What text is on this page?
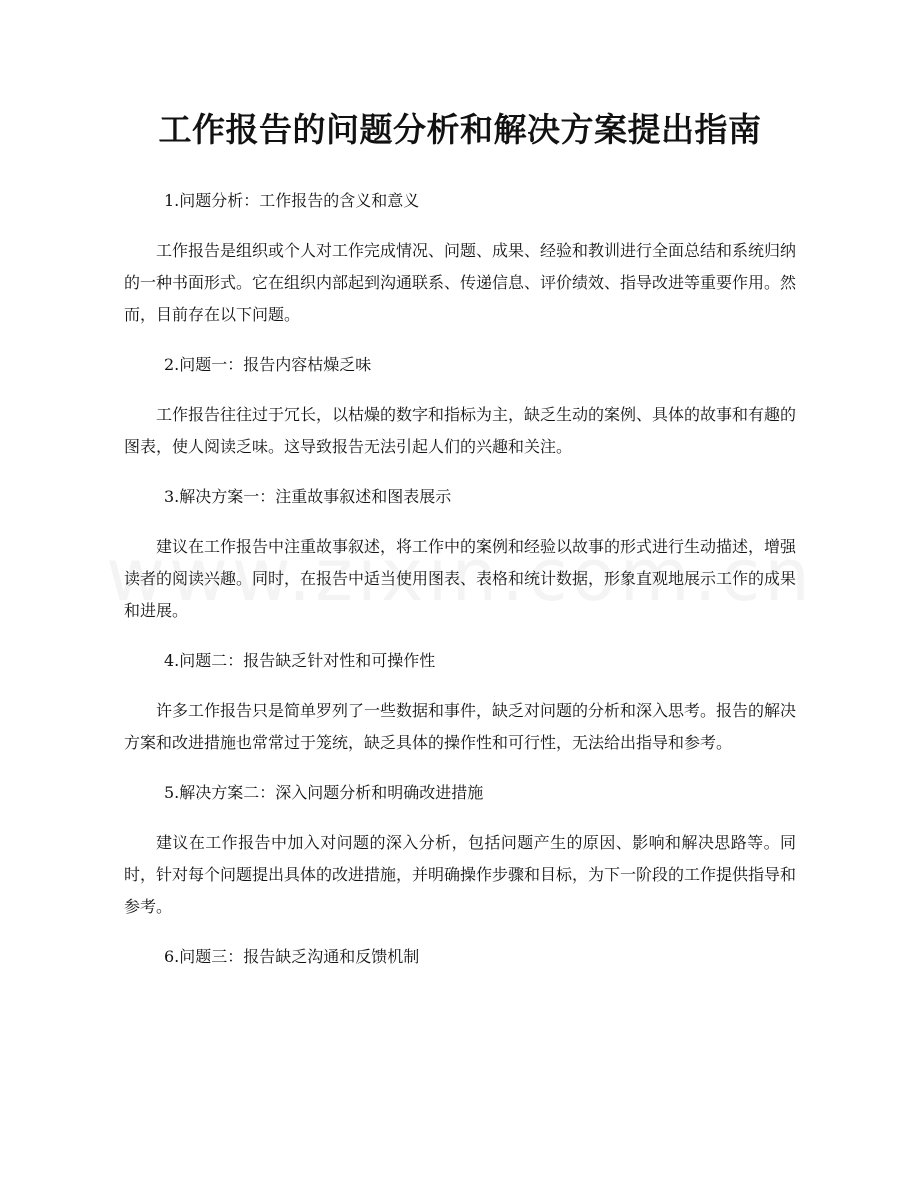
工作报告的问题分析和解决方案提出指南

1.问题分析：工作报告的含义和意义

工作报告是组织或个人对工作完成情况、问题、成果、经验和教训进行全面总结和系统归纳的一种书面形式。它在组织内部起到沟通联系、传递信息、评价绩效、指导改进等重要作用。然而，目前存在以下问题。

2.问题一：报告内容枯燥乏味

工作报告往往过于冗长，以枯燥的数字和指标为主，缺乏生动的案例、具体的故事和有趣的图表，使人阅读乏味。这导致报告无法引起人们的兴趣和关注。

3.解决方案一：注重故事叙述和图表展示

建议在工作报告中注重故事叙述，将工作中的案例和经验以故事的形式进行生动描述，增强读者的阅读兴趣。同时，在报告中适当使用图表、表格和统计数据，形象直观地展示工作的成果和进展。

4.问题二：报告缺乏针对性和可操作性

许多工作报告只是简单罗列了一些数据和事件，缺乏对问题的分析和深入思考。报告的解决方案和改进措施也常常过于笼统，缺乏具体的操作性和可行性，无法给出指导和参考。

5.解决方案二：深入问题分析和明确改进措施

建议在工作报告中加入对问题的深入分析，包括问题产生的原因、影响和解决思路等。同时，针对每个问题提出具体的改进措施，并明确操作步骤和目标，为下一阶段的工作提供指导和参考。

6.问题三：报告缺乏沟通和反馈机制
